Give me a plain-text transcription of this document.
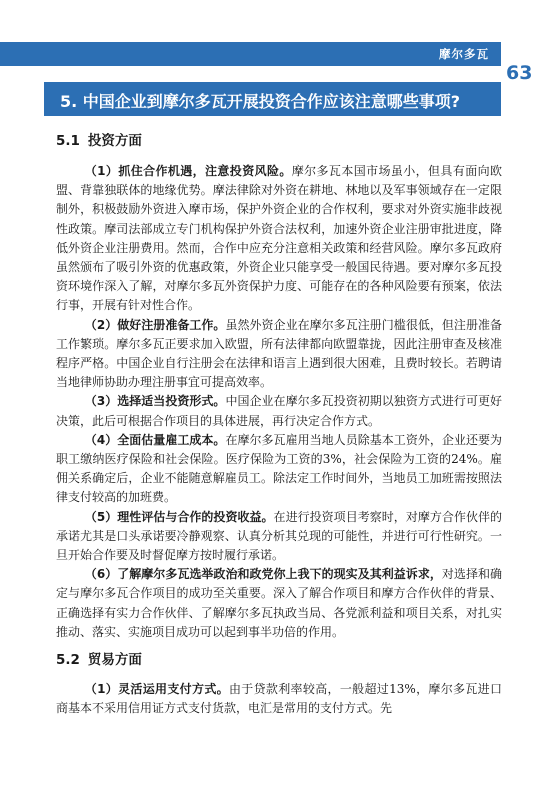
摩尔多瓦
63
5. 中国企业到摩尔多瓦开展投资合作应该注意哪些事项?
5.1 投资方面

（1）抓住合作机遇，注意投资风险。摩尔多瓦本国市场虽小，但具有面向欧盟、背靠独联体的地缘优势。摩法律除对外资在耕地、林地以及军事领域存在一定限制外，积极鼓励外资进入摩市场，保护外资企业的合作权利，要求对外资实施非歧视性政策。摩司法部成立专门机构保护外资合法权利，加速外资企业注册审批进度，降低外资企业注册费用。然而，合作中应充分注意相关政策和经营风险。摩尔多瓦政府虽然颁布了吸引外资的优惠政策，外资企业只能享受一般国民待遇。要对摩尔多瓦投资环境作深入了解，对摩尔多瓦外资保护力度、可能存在的各种风险要有预案，依法行事，开展有针对性合作。

（2）做好注册准备工作。虽然外资企业在摩尔多瓦注册门槛很低，但注册准备工作繁琐。摩尔多瓦正要求加入欧盟，所有法律都向欧盟靠拢，因此注册审查及核准程序严格。中国企业自行注册会在法律和语言上遇到很大困难，且费时较长。若聘请当地律师协助办理注册事宜可提高效率。

（3）选择适当投资形式。中国企业在摩尔多瓦投资初期以独资方式进行可更好决策，此后可根据合作项目的具体进展，再行决定合作方式。

（4）全面估量雇工成本。在摩尔多瓦雇用当地人员除基本工资外，企业还要为职工缴纳医疗保险和社会保险。医疗保险为工资的3%，社会保险为工资的24%。雇佣关系确定后，企业不能随意解雇员工。除法定工作时间外，当地员工加班需按照法律支付较高的加班费。

（5）理性评估与合作的投资收益。在进行投资项目考察时，对摩方合作伙伴的承诺尤其是口头承诺要冷静观察、认真分析其兑现的可能性，并进行可行性研究。一旦开始合作要及时督促摩方按时履行承诺。

（6）了解摩尔多瓦选举政治和政党你上我下的现实及其利益诉求，对选择和确定与摩尔多瓦合作项目的成功至关重要。深入了解合作项目和摩方合作伙伴的背景、正确选择有实力合作伙伴、了解摩尔多瓦执政当局、各党派利益和项目关系，对扎实推动、落实、实施项目成功可以起到事半功倍的作用。

5.2 贸易方面

（1）灵活运用支付方式。由于贷款利率较高，一般超过13%，摩尔多瓦进口商基本不采用信用证方式支付货款，电汇是常用的支付方式。先
